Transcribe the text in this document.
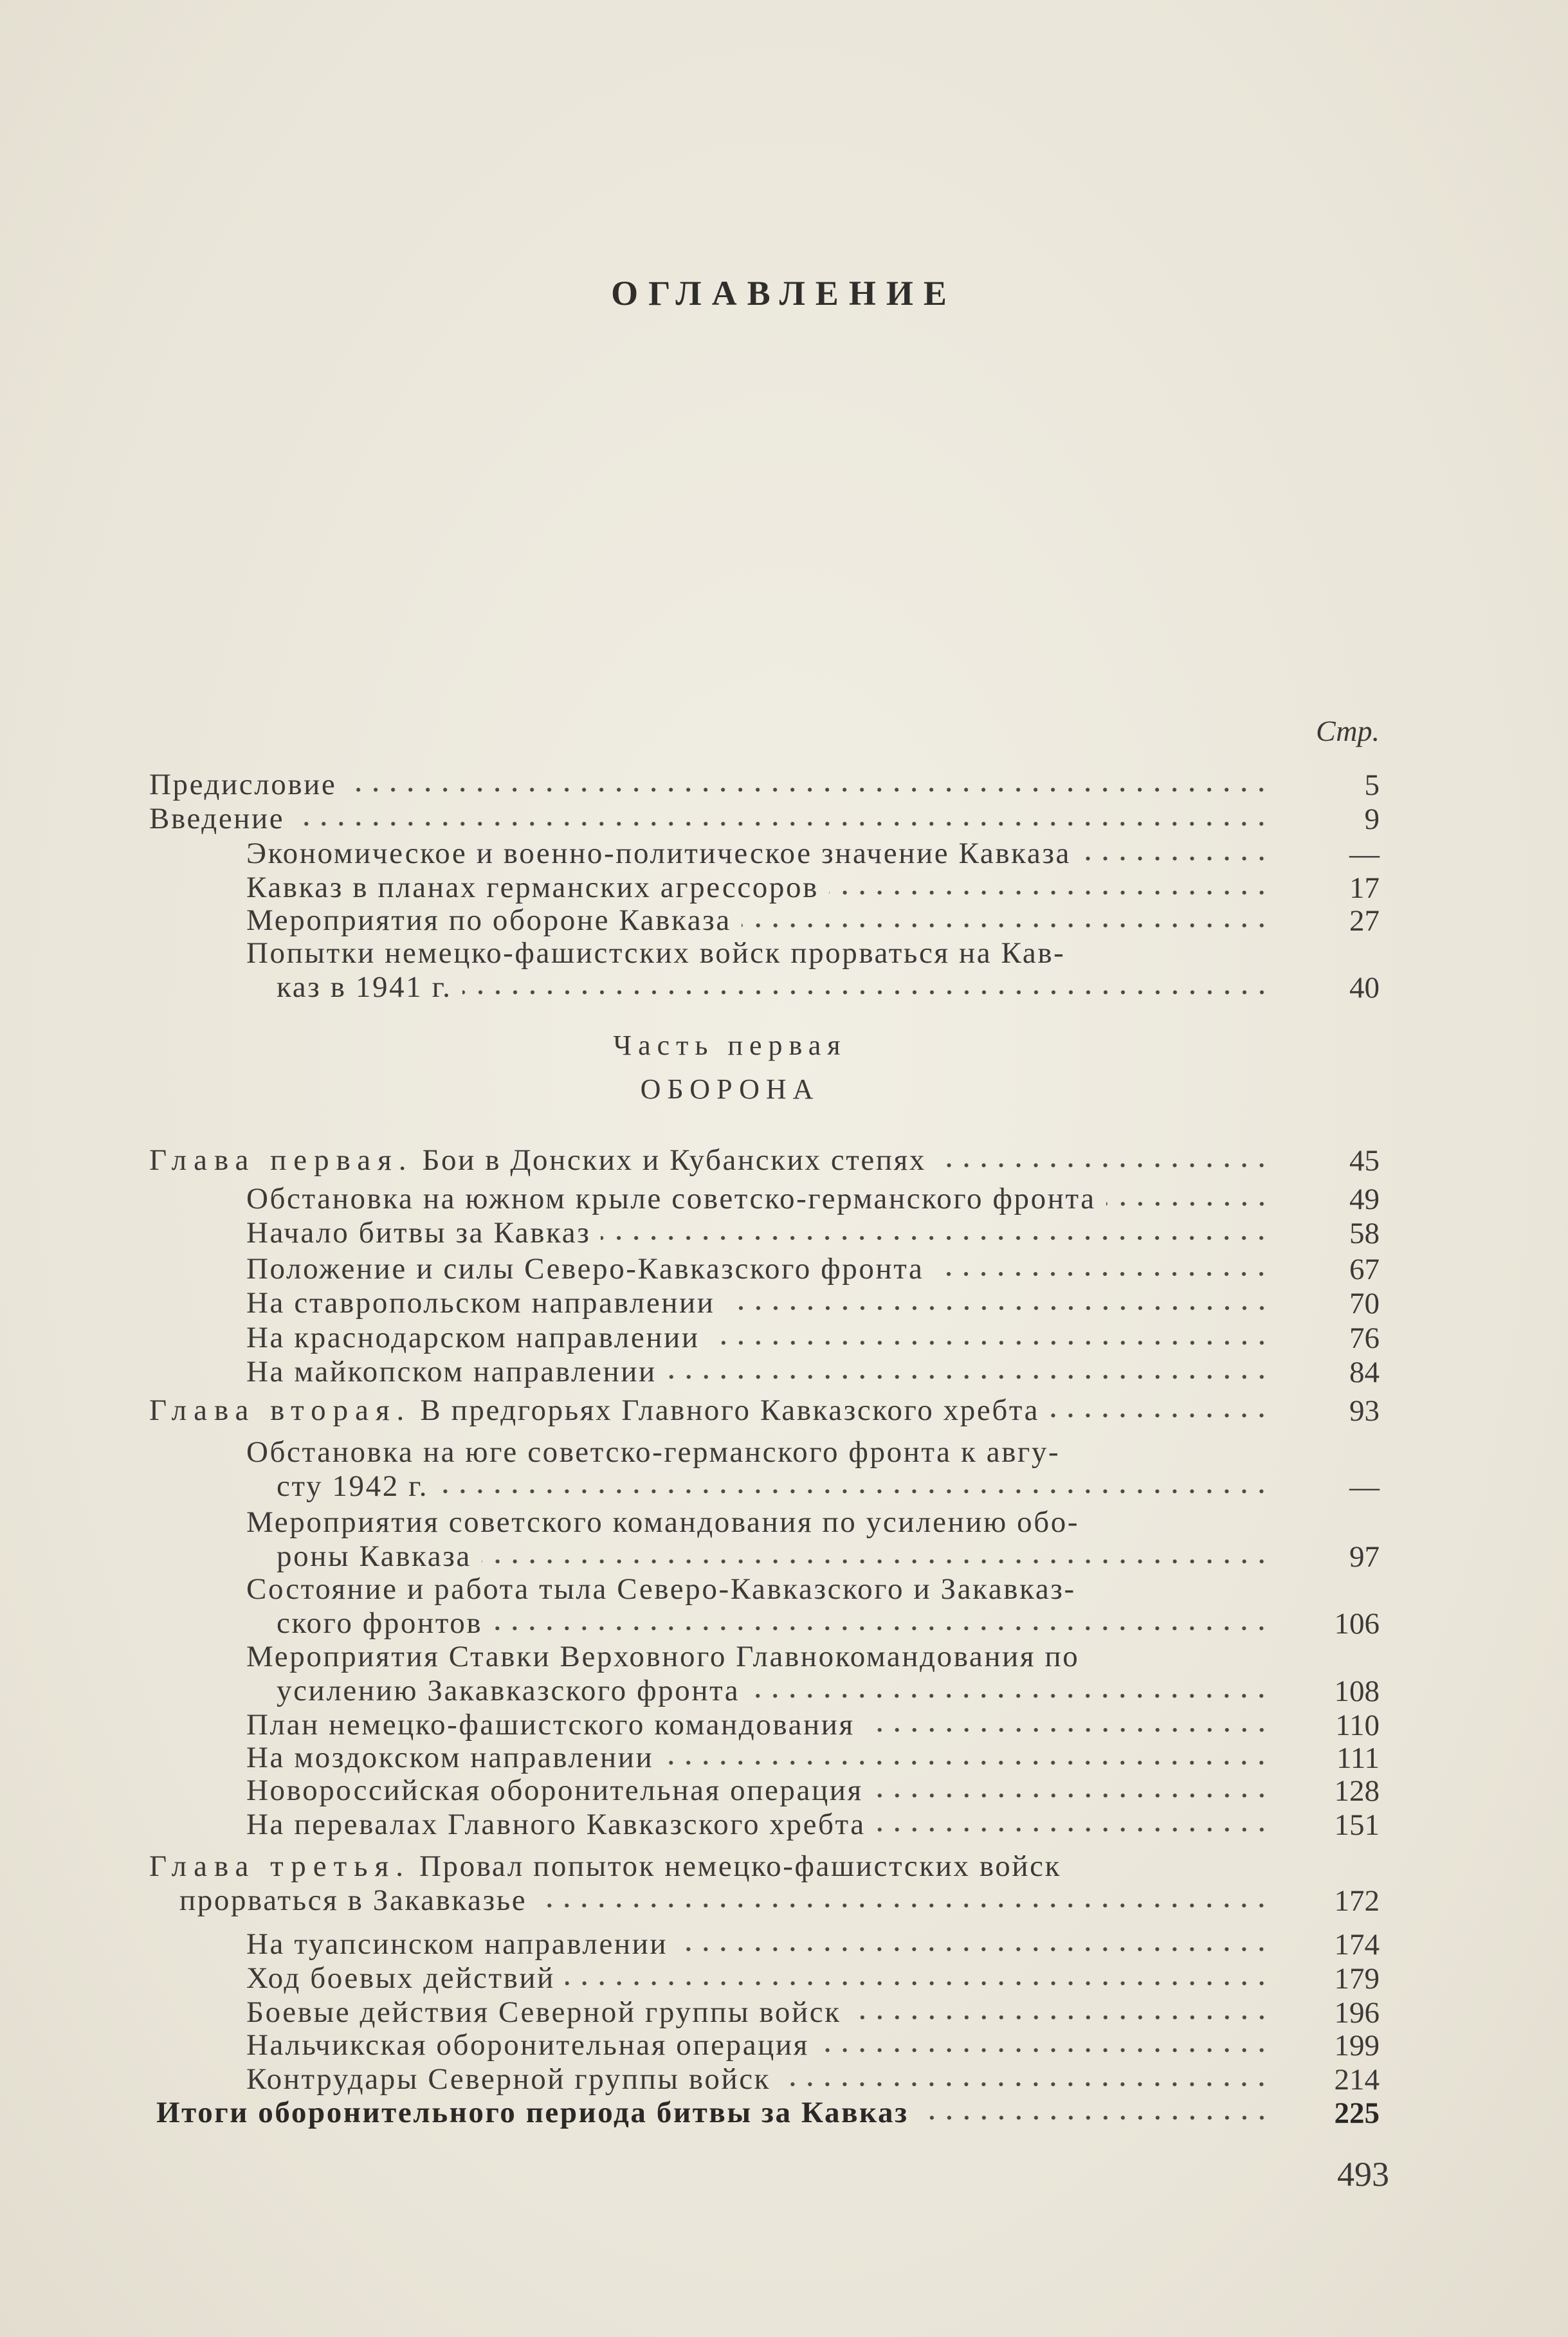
ОГЛАВЛЕНИЕ
Стр.
Часть первая
ОБОРОНА
Предисловие	5
Введение	9
Экономическое и военно-политическое значение Кавказа	—
Кавказ в планах германских агрессоров	17
Мероприятия по обороне Кавказа	27
Попытки немецко-фашистских войск прорваться на Кав-
каз в 1941 г.	40
Глава первая. Бои в Донских и Кубанских степях	45
Обстановка на южном крыле советско-германского фронта	49
Начало битвы за Кавказ	58
Положение и силы Северо-Кавказского фронта	67
На ставропольском направлении	70
На краснодарском направлении	76
На майкопском направлении	84
Глава вторая. В предгорьях Главного Кавказского хребта	93
Обстановка на юге советско-германского фронта к авгу-
сту 1942 г.	—
Мероприятия советского командования по усилению обо-
роны Кавказа	97
Состояние и работа тыла Северо-Кавказского и Закавказ-
ского фронтов	106
Мероприятия Ставки Верховного Главнокомандования по
усилению Закавказского фронта	108
План немецко-фашистского командования	110
На моздокском направлении	111
Новороссийская оборонительная операция	128
На перевалах Главного Кавказского хребта	151
Глава третья. Провал попыток немецко-фашистских войск
прорваться в Закавказье	172
На туапсинском направлении	174
Ход боевых действий	179
Боевые действия Северной группы войск	196
Нальчикская оборонительная операция	199
Контрудары Северной группы войск	214
Итоги оборонительного периода битвы за Кавказ	225
493
